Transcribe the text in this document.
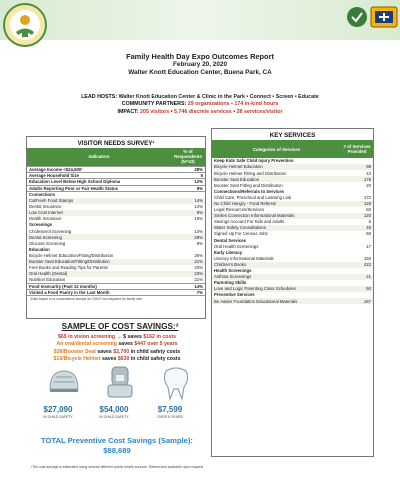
Family Health Day Expo Outcomes Report
February 20, 2020
Walter Knott Education Center, Buena Park, CA
LEAD HOSTS: Walter Knott Education Center & Clinic in the Park • Connect • Screen • Educate
COMMUNITY PARTNERS: 29 organizations • 174 in-kind hours
IMPACT: 205 visitors • 5,746 discrete services • 28 services/visitor
VISITOR NEEDS SURVEY¹
Indicators	% of Respondents (N=43)
Average Income <$24,600²	28%
Average Household Size	5
Education Level Below High School Diploma	12%
Adults Reporting Poor or Fair Health Status	9%
Connections	
CalFresh Food Stamps	14%
Dental Insurance	14%
Low Cost Internet	9%
Health Insurance	19%
Screenings	
Cholesterol Screening	14%
Dental Screening	28%
Glucose Screening	9%
Education	
Bicycle Helmet Education/Fitting/Distribution	26%
Booster Seat Education/Fitting/Distribution	21%
Free Books and Reading Tips for Parents	33%
Oral Health (Dental)	23%
Nutrition Education	21%
Food Insecurity (Past 12 months)	14%
Visited a Food Pantry in the Last Month	7%
¹Data based on a convenience sample as CiHc/T.hoc adjusted for family size.
KEY SERVICES
Categories of Services	# of Services Provided
Keep Kids Safe Child Injury Prevention	
Bicycle Helmet Education	88
Bicycle Helmet Fitting and Distribution	43
Booster Seat Education	178
Booster Seat Fitting and Distribution	20
Connections/Referrals to Services	
Child Care, Preschool and Learning Link	172
No Child Hungry - Food Referral	128
Legal Resources/Services	60
Smiles Connection Informational Materials	120
Savings Account For Kids and Adults	6
Water Safety Consultations	45
Signed Up For Census Jobs	50
Dental Services	
Oral Health Screenings	17
Early Literacy	
Literacy Informational Materials	150
Children's Books	422
Health Screenings	
Asthma Screenings	21
Parenting Skills	
Love and Logic Parenting Class Schedules	50
Preventive Services	
Be Aware Foundation Educational Materials	157
SAMPLE OF COST SAVINGS:³
$65 in vision screening → $ saves $162 in costs
An oral/dental screening saves $447 over 5 years
$38/Booster Seat saves $2,700 in child safety costs
$16/Bicycle Helmet saves $630 in child safety costs
$27,090
IN CHILD SAFETY
$54,000
IN CHILD SAFETY
$7,599
OVER 5 YEARS
TOTAL Preventive Cost Savings (Sample):
$88,689
³The cost savings is estimated using several different public health sources. References available upon request
